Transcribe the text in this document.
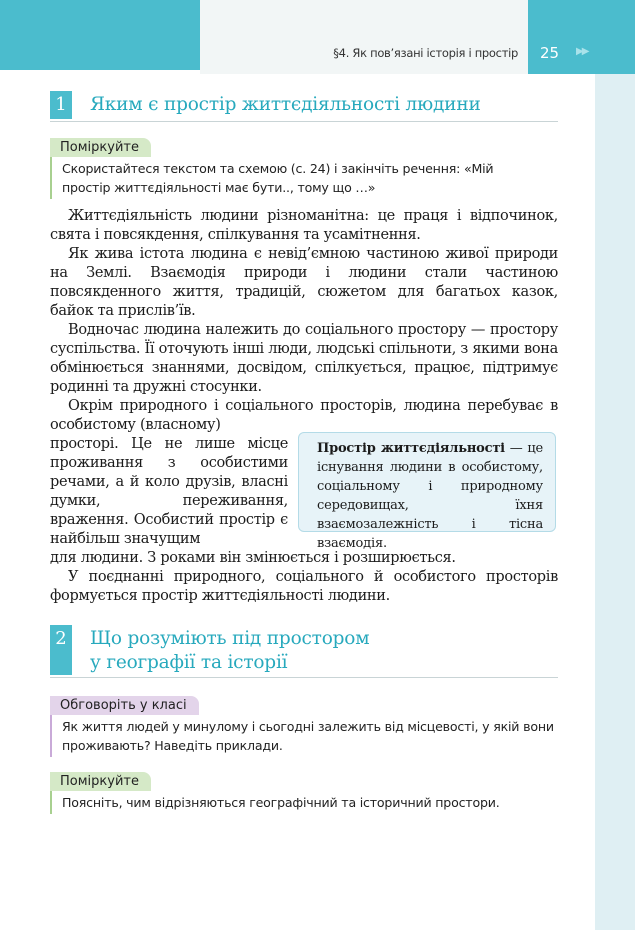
§4. Як пов’язані історія і простір 25 ▶▶
1 Яким є простір життєдіяльності людини
Поміркуйте
Скористайтеся текстом та схемою (с. 24) і закінчіть речення: «Мій простір життєдіяльності має бути.., тому що …»
Життєдіяльність людини різноманітна: це праця і відпочинок, свята і повсякдення, спілкування та усамітнення.
Як жива істота людина є невід’ємною частиною живої природи на Землі. Взаємодія природи і людини стали частиною повсякденного життя, традицій, сюжетом для багатьох казок, байок та прислів’їв.
Водночас людина належить до соціального простору — простору суспільства. Її оточують інші люди, людські спільноти, з якими вона обмінюється знаннями, досвідом, спілкується, працює, підтримує родинні та дружні стосунки.
Окрім природного і соціального просторів, людина перебуває в особистому (власному)
просторі. Це не лише місце проживання з особистими речами, а й коло друзів, власні думки, переживання, враження. Особистий простір є найбільш значущим
для людини. З роками він змінюється і розширюється.
У поєднанні природного, соціального й особистого просторів формується простір життєдіяльності людини.
Простір життєдіяльності — це існування людини в особистому, соціальному і природному середовищах, їхня взаємозалежність і тісна взаємодія.
2 Що розуміють під простором
у географії та історії
Обговоріть у класі
Як життя людей у минулому і сьогодні залежить від місцевості, у якій вони проживають? Наведіть приклади.
Поміркуйте
Поясніть, чим відрізняються географічний та історичний простори.
